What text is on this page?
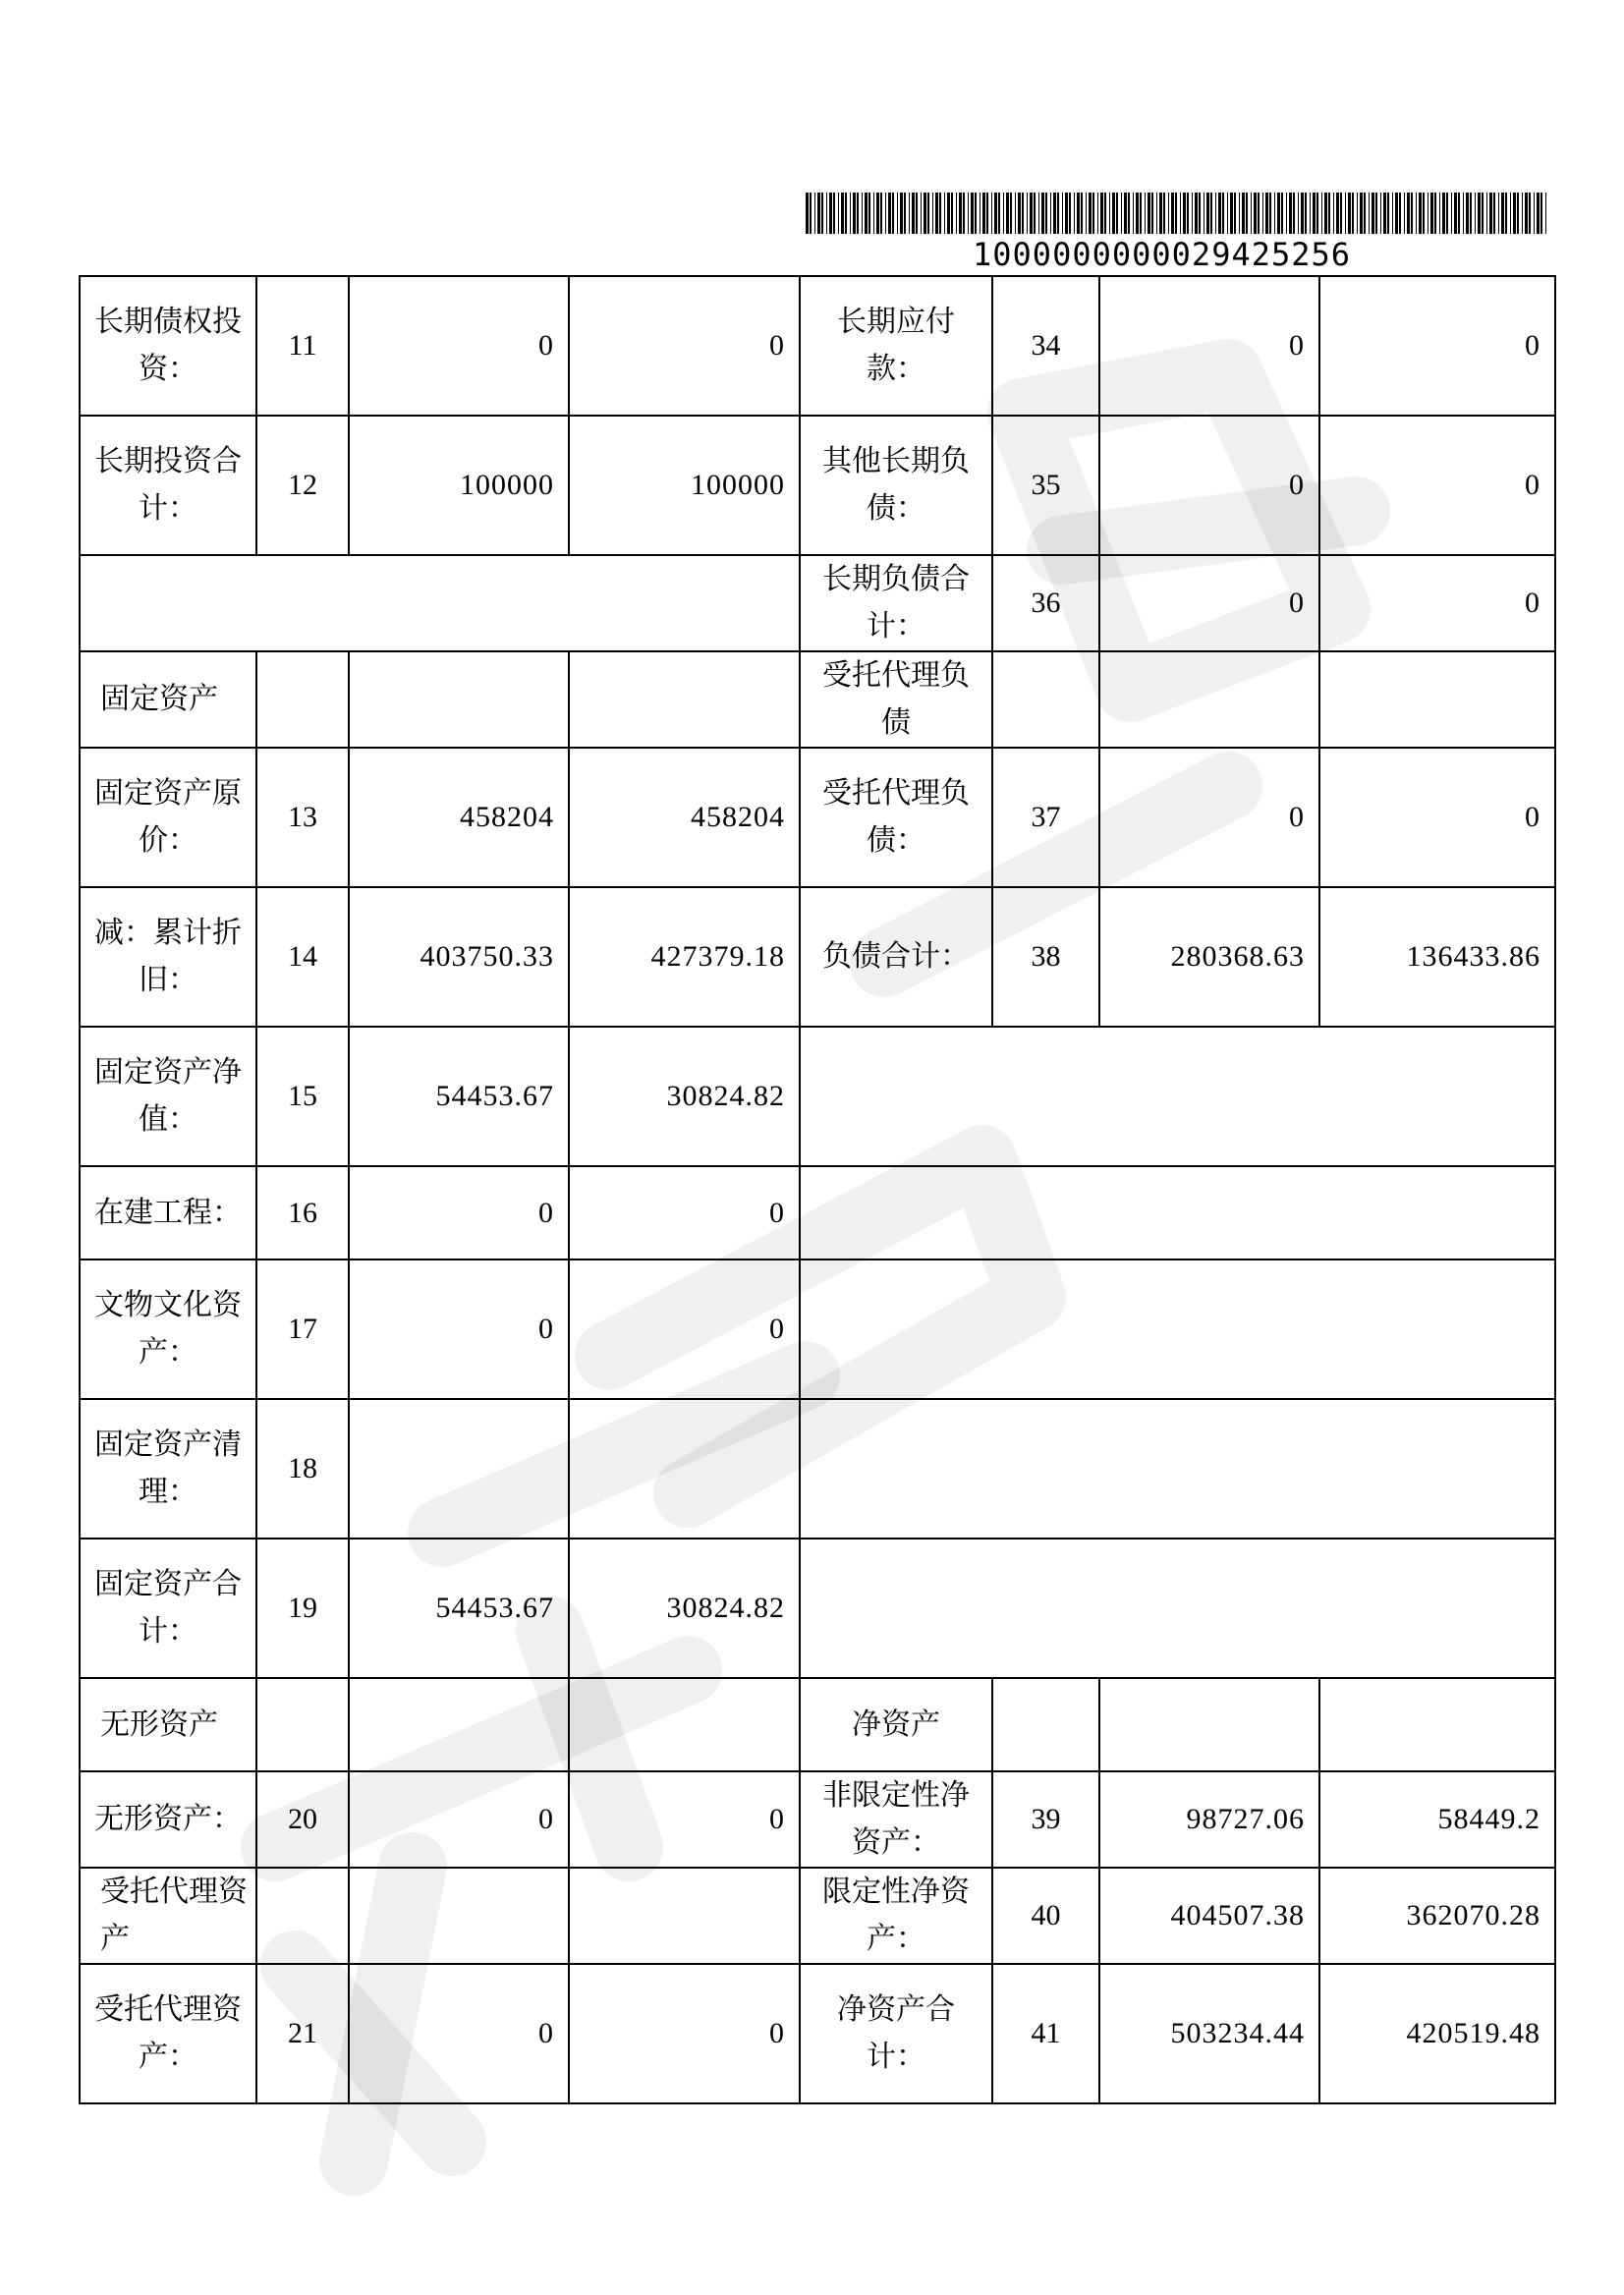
1000000000029425256
长期债权投资：	11	0	0	长期应付款：	34	0	0
长期投资合计：	12	100000	100000	其他长期负债：	35	0	0
				长期负债合计：	36	0	0
固定资产				受托代理负债			
固定资产原价：	13	458204	458204	受托代理负债：	37	0	0
减：累计折旧：	14	403750.33	427379.18	负债合计：	38	280368.63	136433.86
固定资产净值：	15	54453.67	30824.82				
在建工程：	16	0	0				
文物文化资产：	17	0	0				
固定资产清理：	18						
固定资产合计：	19	54453.67	30824.82				
无形资产				净资产			
无形资产：	20	0	0	非限定性净资产：	39	98727.06	58449.2
受托代理资产				限定性净资产：	40	404507.38	362070.28
受托代理资产：	21	0	0	净资产合计：	41	503234.44	420519.48
